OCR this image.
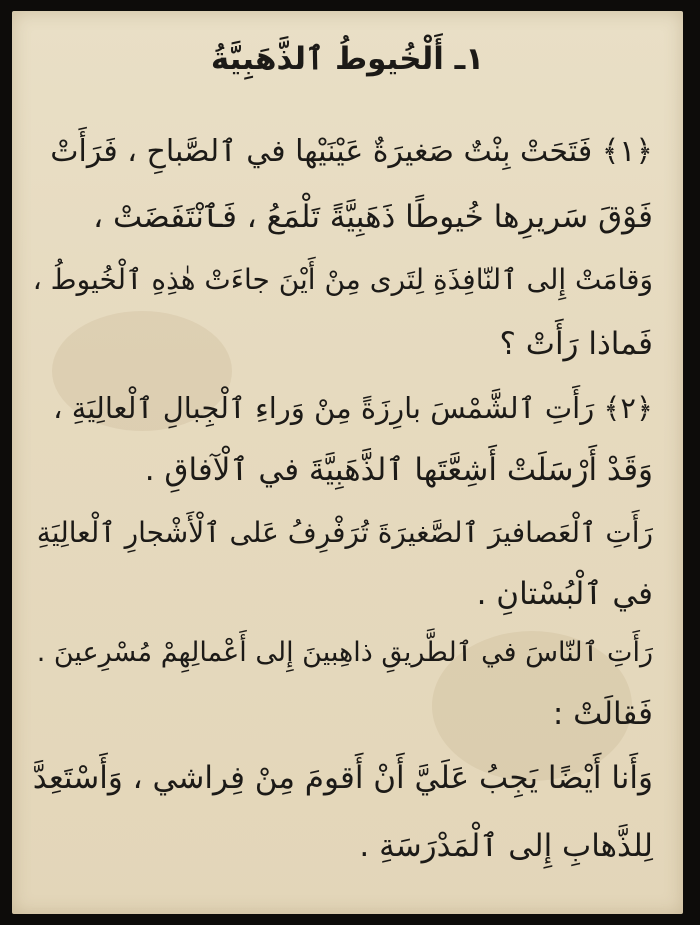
١ـ أَلْخُيوطُ ٱلذَّهَبِيَّةُ
﴿١﴾ فَتَحَتْ بِنْتٌ صَغيرَةٌ عَيْنَيْها في ٱلصَّباحِ ، فَرَأَتْ
فَوْقَ سَريرِها خُيوطًا ذَهَبِيَّةً تَلْمَعُ ، فَٱنْتَفَضَتْ ،
وَقامَتْ إِلى ٱلنّافِذَةِ لِتَرى مِنْ أَيْنَ جاءَتْ هٰذِهِ ٱلْخُيوطُ ،
فَماذا رَأَتْ ؟
﴿٢﴾ رَأَتِ ٱلشَّمْسَ بارِزَةً مِنْ وَراءِ ٱلْجِبالِ ٱلْعالِيَةِ ،
وَقَدْ أَرْسَلَتْ أَشِعَّتَها ٱلذَّهَبِيَّةَ في ٱلْآفاقِ .
رَأَتِ ٱلْعَصافيرَ ٱلصَّغيرَةَ تُرَفْرِفُ عَلى ٱلْأَشْجارِ ٱلْعالِيَةِ
في ٱلْبُسْتانِ .
رَأَتِ ٱلنّاسَ في ٱلطَّريقِ ذاهِبينَ إِلى أَعْمالِهِمْ مُسْرِعينَ .
فَقالَتْ :
وَأَنا أَيْضًا يَجِبُ عَلَيَّ أَنْ أَقومَ مِنْ فِراشي ، وَأَسْتَعِدَّ
لِلذَّهابِ إِلى ٱلْمَدْرَسَةِ .
